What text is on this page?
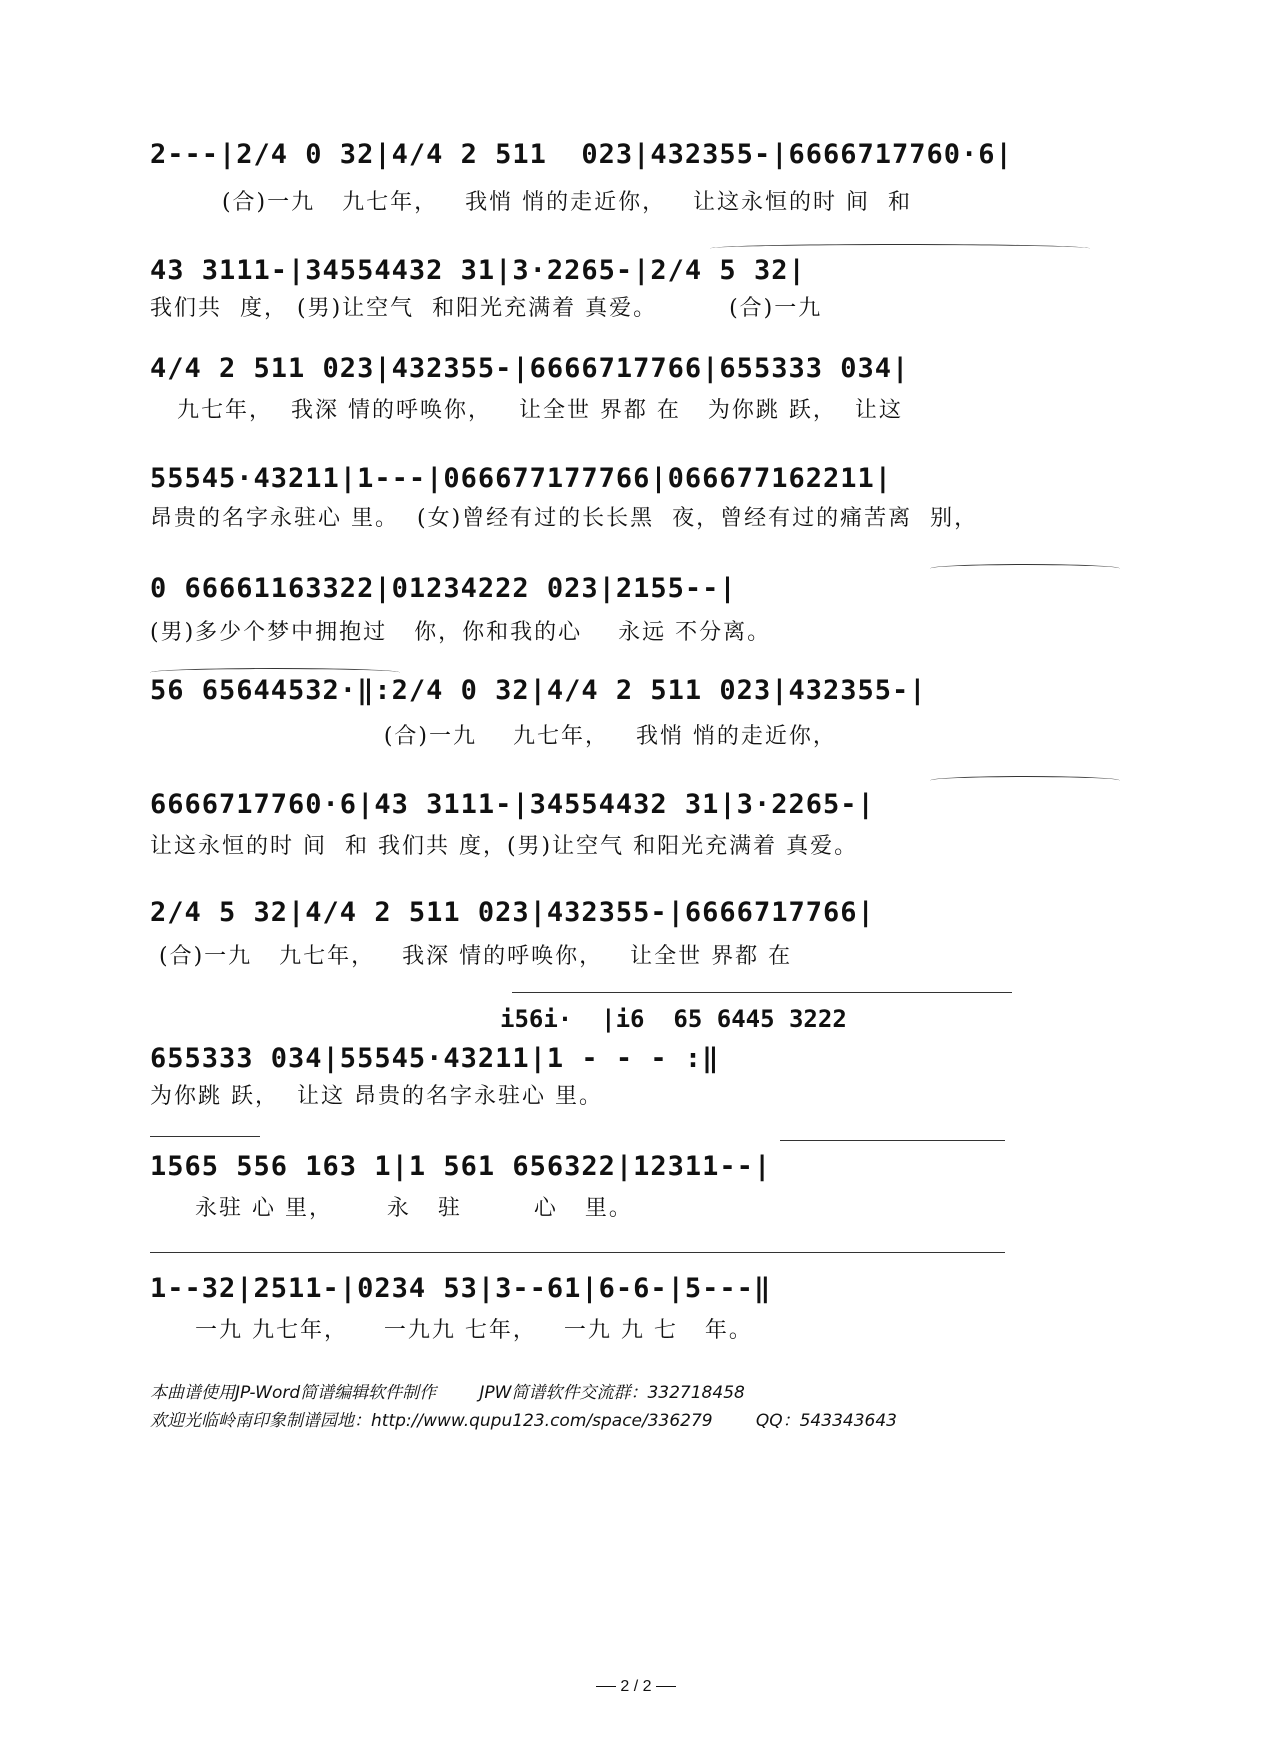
2---|2/4 0 32|4/4 2 511  023|432355-|6666717760·6|
(合)一九   九七年，   我悄 悄的走近你，   让这永恒的时 间  和
43 3111-|34554432 31|3·2265-|2/4 5 32|
我们共  度， (男)让空气  和阳光充满着 真爱。        (合)一九
4/4 2 511 023|432355-|6666717766|655333 034|
九七年，  我深 情的呼唤你，   让全世 界都 在   为你跳 跃，  让这
55545·43211|1---|066677177766|066677162211|
昂贵的名字永驻心 里。  (女)曾经有过的长长黑  夜，曾经有过的痛苦离  别，
0 66661163322|01234222 023|2155--|
(男)多少个梦中拥抱过   你，你和我的心    永远 不分离。
56 65644532·‖:2/4 0 32|4/4 2 511 023|432355-|
(合)一九    九七年，   我悄 悄的走近你，
6666717760·6|43 3111-|34554432 31|3·2265-|
让这永恒的时 间  和 我们共 度，(男)让空气 和阳光充满着 真爱。
2/4 5 32|4/4 2 511 023|432355-|6666717766|
(合)一九   九七年，   我深 情的呼唤你，   让全世 界都 在
i56i·  |i6  65 6445 3222
655333 034|55545·43211|1 - - - :‖
为你跳 跃，  让这 昂贵的名字永驻心 里。
1565 556 163 1|1 561 656322|12311--|
永驻 心 里，      永   驻        心   里。
1--32|2511-|0234 53|3--61|6-6-|5---‖
一九 九七年，    一九九 七年，   一九 九 七   年。
本曲谱使用JP-Word简谱编辑软件制作	JPW简谱软件交流群：332718458
欢迎光临岭南印象制谱园地：http://www.qupu123.com/space/336279	QQ：543343643
2 / 2
